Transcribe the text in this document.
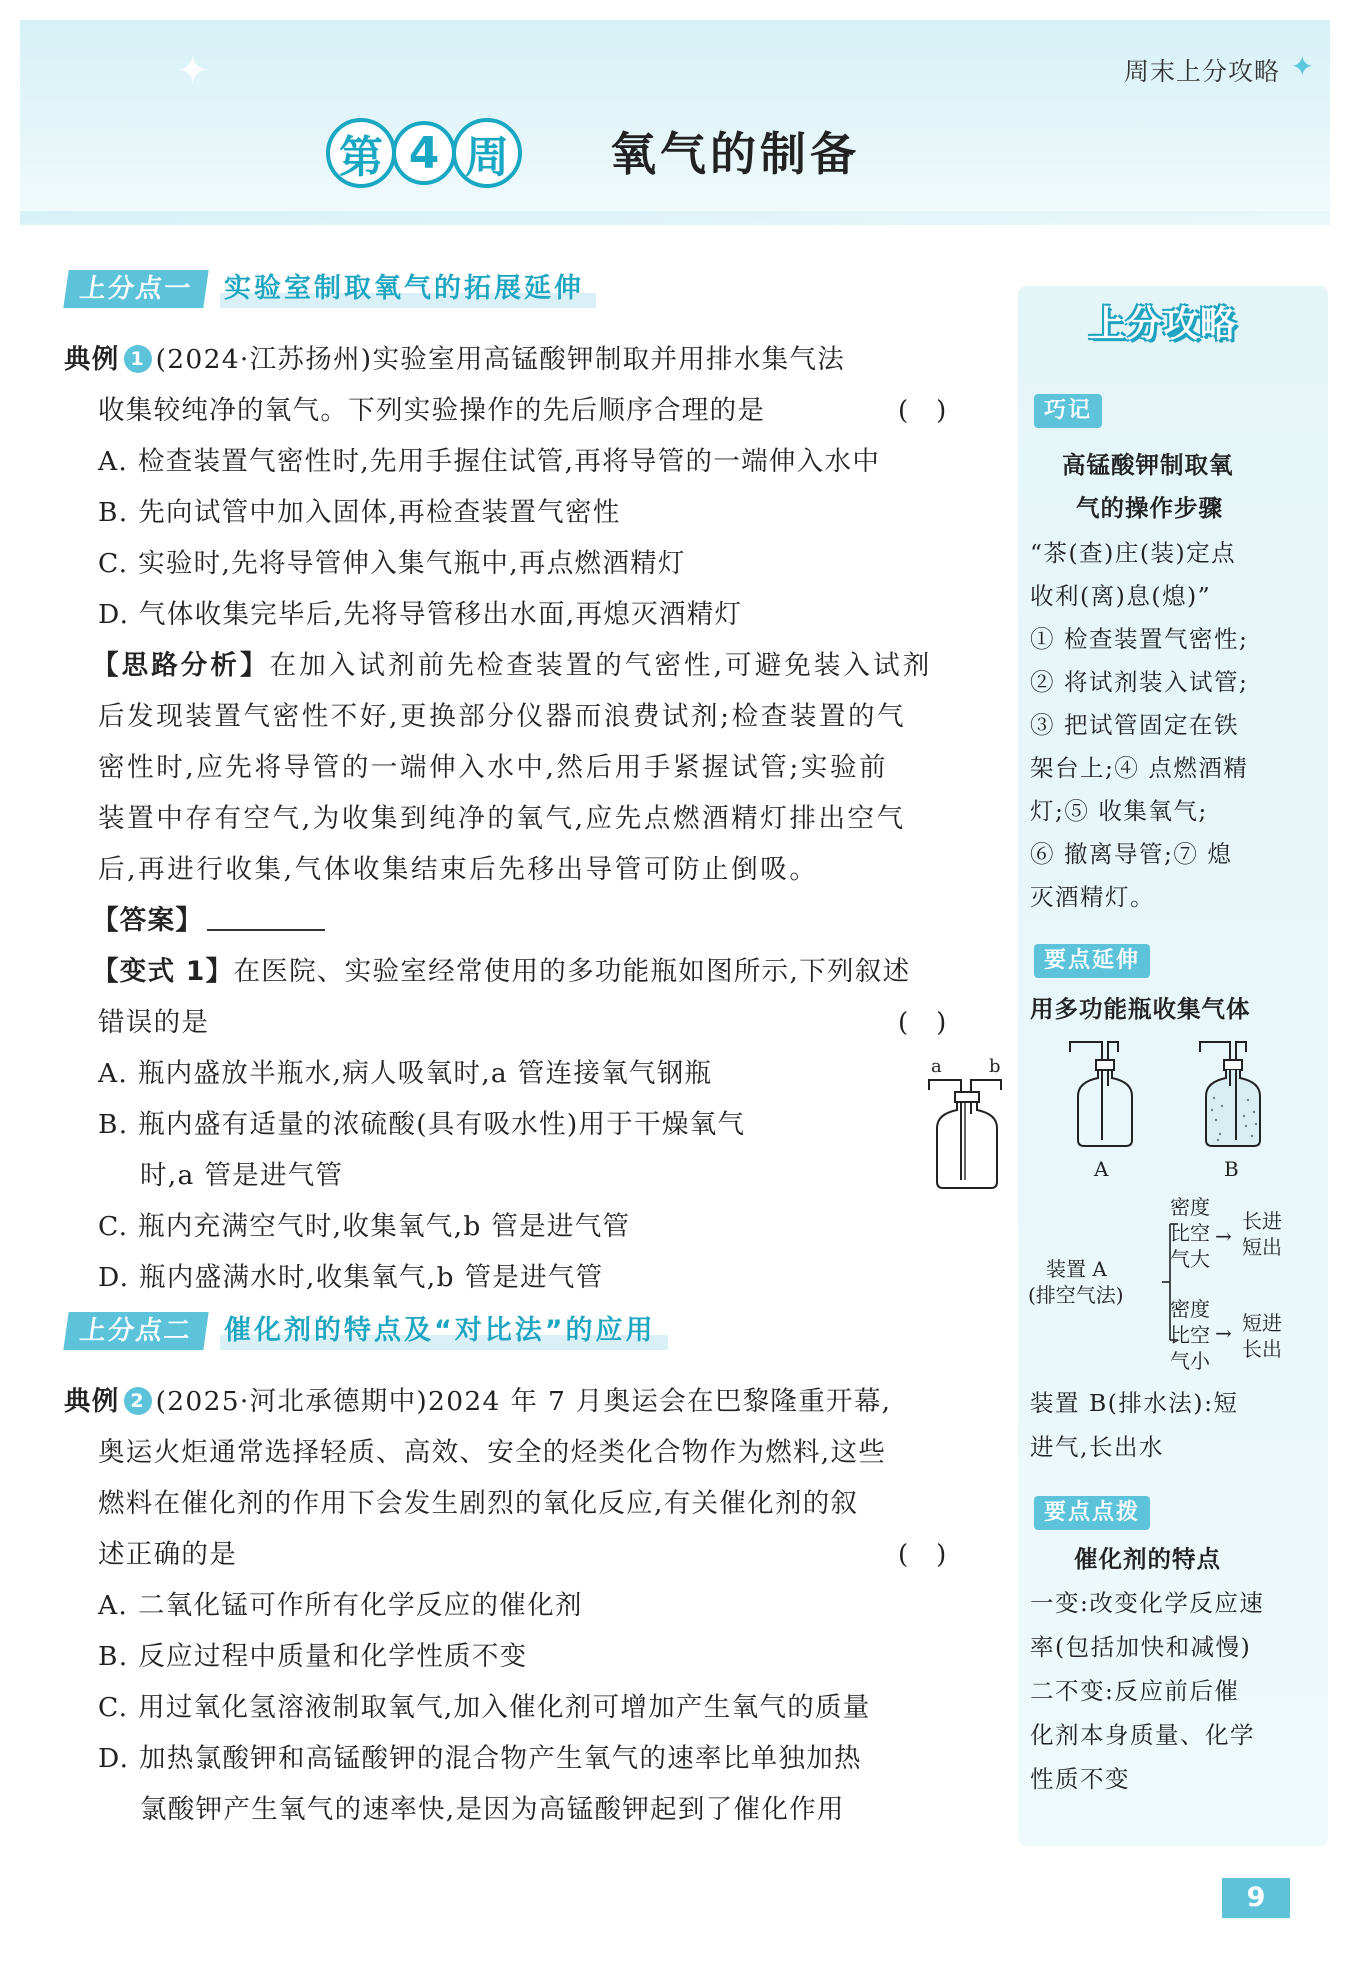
✦	周末上分攻略 ✦
第 4 周 氧气的制备
上分点一	实验室制取氧气的拓展延伸
典例 1 (2024·江苏扬州)实验室用高锰酸钾制取并用排水集气法
收集较纯净的氧气。下列实验操作的先后顺序合理的是	()
A. 检查装置气密性时,先用手握住试管,再将导管的一端伸入水中
B. 先向试管中加入固体,再检查装置气密性
C. 实验时,先将导管伸入集气瓶中,再点燃酒精灯
D. 气体收集完毕后,先将导管移出水面,再熄灭酒精灯
【思路分析】在加入试剂前先检查装置的气密性,可避免装入试剂
后发现装置气密性不好,更换部分仪器而浪费试剂;检查装置的气
密性时,应先将导管的一端伸入水中,然后用手紧握试管;实验前
装置中存有空气,为收集到纯净的氧气,应先点燃酒精灯排出空气
后,再进行收集,气体收集结束后先移出导管可防止倒吸。
【答案】
【变式 1】在医院、实验室经常使用的多功能瓶如图所示,下列叙述
错误的是	()
A. 瓶内盛放半瓶水,病人吸氧时,a 管连接氧气钢瓶
B. 瓶内盛有适量的浓硫酸(具有吸水性)用于干燥氧气
时,a 管是进气管
C. 瓶内充满空气时,收集氧气,b 管是进气管
D. 瓶内盛满水时,收集氧气,b 管是进气管
a	b
上分点二	催化剂的特点及“对比法”的应用
典例 2 (2025·河北承德期中)2024 年 7 月奥运会在巴黎隆重开幕,
奥运火炬通常选择轻质、高效、安全的烃类化合物作为燃料,这些
燃料在催化剂的作用下会发生剧烈的氧化反应,有关催化剂的叙
述正确的是	()
A. 二氧化锰可作所有化学反应的催化剂
B. 反应过程中质量和化学性质不变
C. 用过氧化氢溶液制取氧气,加入催化剂可增加产生氧气的质量
D. 加热氯酸钾和高锰酸钾的混合物产生氧气的速率比单独加热
氯酸钾产生氧气的速率快,是因为高锰酸钾起到了催化作用
上分攻略
巧记
高锰酸钾制取氧
气的操作步骤
“茶(查)庄(装)定点
收利(离)息(熄)”
① 检查装置气密性;
② 将试剂装入试管;
③ 把试管固定在铁
架台上;④ 点燃酒精
灯;⑤ 收集氧气;
⑥ 撤离导管;⑦ 熄
灭酒精灯。
要点延伸
用多功能瓶收集气体
A	B
装置 A
(排空气法)
密度
比空
气大
→
长进
短出
密度
比空
气小
→ 短进
长出
装置 B(排水法):短
进气,长出水
要点点拨
催化剂的特点
一变:改变化学反应速
率(包括加快和减慢)
二不变:反应前后催
化剂本身质量、化学
性质不变
9
